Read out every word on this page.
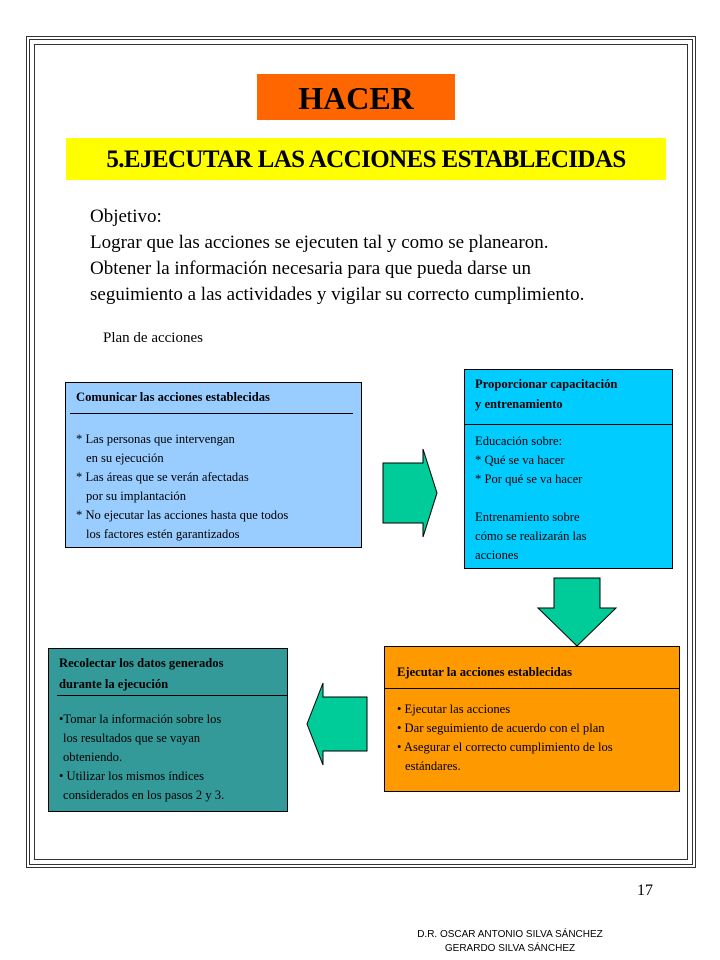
HACER
5.EJECUTAR LAS ACCIONES ESTABLECIDAS
Objetivo:
Lograr que las acciones se ejecuten tal y como se planearon.
Obtener la información necesaria para que pueda darse un
seguimiento a las actividades y vigilar su correcto cumplimiento.
Plan de acciones
Comunicar las acciones establecidas
* Las personas que intervengan
en su ejecución
* Las áreas que se verán afectadas
por su implantación
* No ejecutar las acciones hasta que todos
los factores estén garantizados
Proporcionar capacitación
y entrenamiento
Educación sobre:
* Qué se va hacer
* Por qué se va hacer
Entrenamiento sobre
cómo se realizarán las
acciones
Ejecutar la acciones establecidas
• Ejecutar las acciones
• Dar seguimiento de acuerdo con el plan
• Asegurar el correcto cumplimiento de los
estándares.
Recolectar los datos generados
durante la ejecución
•Tomar la información sobre los
los resultados que se vayan
obteniendo.
• Utilizar los mismos índices
considerados en los pasos 2 y 3.
17
D.R. OSCAR ANTONIO SILVA SÁNCHEZ
GERARDO SILVA SÁNCHEZ
